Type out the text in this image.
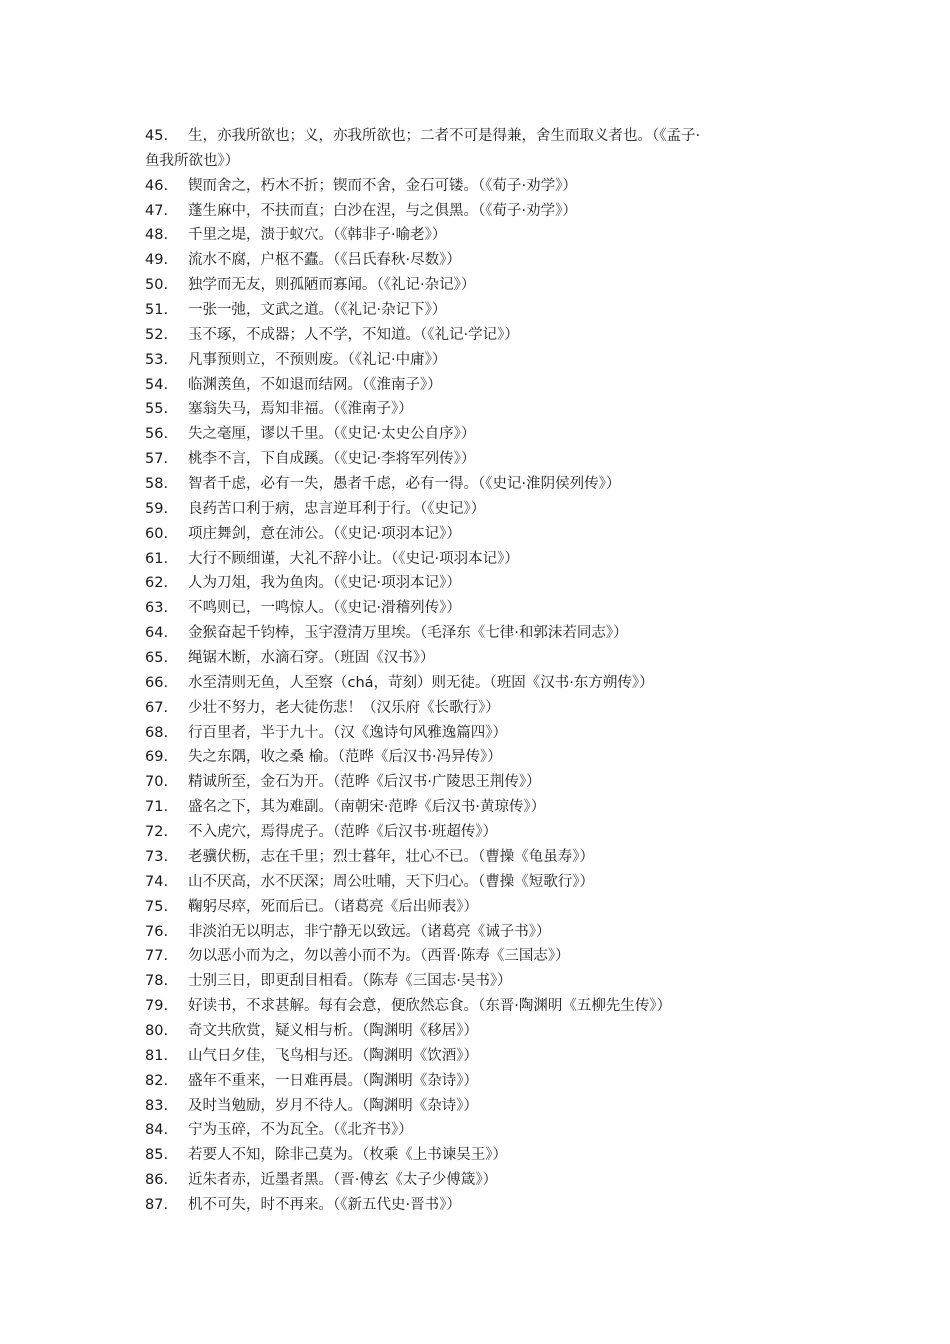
45.	生，亦我所欲也；义，亦我所欲也；二者不可是得兼，舍生而取义者也。（《孟子·
鱼我所欲也》）
46.	锲而舍之，朽木不折；锲而不舍，金石可镂。（《荀子·劝学》）
47.	蓬生麻中，不扶而直；白沙在涅，与之俱黑。（《荀子·劝学》）
48.	千里之堤，溃于蚁穴。（《韩非子·喻老》）
49.	流水不腐，户枢不蠹。（《吕氏春秋·尽数》）
50.	独学而无友，则孤陋而寡闻。（《礼记·杂记》）
51.	一张一弛，文武之道。（《礼记·杂记下》）
52.	玉不琢，不成器；人不学，不知道。（《礼记·学记》）
53.	凡事预则立，不预则废。（《礼记·中庸》）
54.	临渊羡鱼，不如退而结网。（《淮南子》）
55.	塞翁失马，焉知非福。（《淮南子》）
56.	失之毫厘，谬以千里。（《史记·太史公自序》）
57.	桃李不言，下自成蹊。（《史记·李将军列传》）
58.	智者千虑，必有一失，愚者千虑，必有一得。（《史记·淮阴侯列传》）
59.	良药苦口利于病，忠言逆耳利于行。（《史记》）
60.	项庄舞剑，意在沛公。（《史记·项羽本记》）
61.	大行不顾细谨，大礼不辞小让。（《史记·项羽本记》）
62.	人为刀俎，我为鱼肉。（《史记·项羽本记》）
63.	不鸣则已，一鸣惊人。（《史记·滑稽列传》）
64.	金猴奋起千钧棒，玉宇澄清万里埃。（毛泽东《七律·和郭沫若同志》）
65.	绳锯木断，水滴石穿。（班固《汉书》）
66.	水至清则无鱼，人至察（chá，苛刻）则无徒。（班固《汉书·东方朔传》）
67.	少壮不努力，老大徒伤悲！（汉乐府《长歌行》）
68.	行百里者，半于九十。（汉《逸诗句风雅逸篇四》）
69.	失之东隅，收之桑 榆。（范晔《后汉书·冯异传》）
70.	精诚所至，金石为开。（范晔《后汉书·广陵思王荆传》）
71.	盛名之下，其为难副。（南朝宋·范晔《后汉书·黄琼传》）
72.	不入虎穴，焉得虎子。（范晔《后汉书·班超传》）
73.	老骥伏枥，志在千里；烈士暮年，壮心不已。（曹操《龟虽寿》）
74.	山不厌高，水不厌深；周公吐哺，天下归心。（曹操《短歌行》）
75.	鞠躬尽瘁，死而后已。（诸葛亮《后出师表》）
76.	非淡泊无以明志，非宁静无以致远。（诸葛亮《诫子书》）
77.	勿以恶小而为之，勿以善小而不为。（西晋·陈寿《三国志》）
78.	士别三日，即更刮目相看。（陈寿《三国志·吴书》）
79.	好读书，不求甚解。每有会意，便欣然忘食。（东晋·陶渊明《五柳先生传》）
80.	奇文共欣赏，疑义相与析。（陶渊明《移居》）
81.	山气日夕佳，飞鸟相与还。（陶渊明《饮酒》）
82.	盛年不重来，一日难再晨。（陶渊明《杂诗》）
83.	及时当勉励，岁月不待人。（陶渊明《杂诗》）
84.	宁为玉碎，不为瓦全。（《北齐书》）
85.	若要人不知，除非己莫为。（枚乘《上书谏吴王》）
86.	近朱者赤，近墨者黑。（晋·傅玄《太子少傅箴》）
87.	机不可失，时不再来。（《新五代史·晋书》）
